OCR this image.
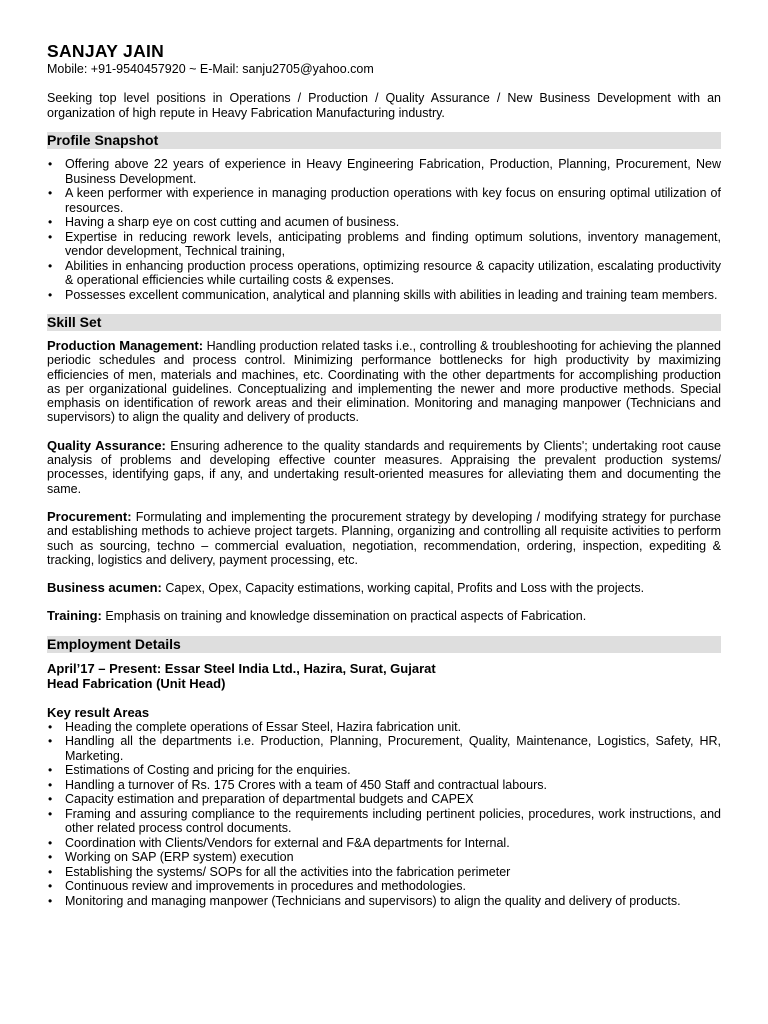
SANJAY JAIN

Mobile: +91-9540457920 ~ E-Mail: sanju2705@yahoo.com

Seeking top level positions in Operations / Production / Quality Assurance / New Business Development with an organization of high repute in Heavy Fabrication Manufacturing industry.

Profile Snapshot
• Offering above 22 years of experience in Heavy Engineering Fabrication, Production, Planning, Procurement, New Business Development.
• A keen performer with experience in managing production operations with key focus on ensuring optimal utilization of resources.
• Having a sharp eye on cost cutting and acumen of business.
• Expertise in reducing rework levels, anticipating problems and finding optimum solutions, inventory management, vendor development, Technical training,
• Abilities in enhancing production process operations, optimizing resource & capacity utilization, escalating productivity & operational efficiencies while curtailing costs & expenses.
• Possesses excellent communication, analytical and planning skills with abilities in leading and training team members.
Skill Set

Production Management: Handling production related tasks i.e., controlling & troubleshooting for achieving the planned periodic schedules and process control. Minimizing performance bottlenecks for high productivity by maximizing efficiencies of men, materials and machines, etc. Coordinating with the other departments for accomplishing production as per organizational guidelines. Conceptualizing and implementing the newer and more productive methods. Special emphasis on identification of rework areas and their elimination. Monitoring and managing manpower (Technicians and supervisors) to align the quality and delivery of products.

Quality Assurance: Ensuring adherence to the quality standards and requirements by Clients'; undertaking root cause analysis of problems and developing effective counter measures. Appraising the prevalent production systems/ processes, identifying gaps, if any, and undertaking result-oriented measures for alleviating them and documenting the same.

Procurement: Formulating and implementing the procurement strategy by developing / modifying strategy for purchase and establishing methods to achieve project targets. Planning, organizing and controlling all requisite activities to perform such as sourcing, techno – commercial evaluation, negotiation, recommendation, ordering, inspection, expediting & tracking, logistics and delivery, payment processing, etc.

Business acumen: Capex, Opex, Capacity estimations, working capital, Profits and Loss with the projects.

Training: Emphasis on training and knowledge dissemination on practical aspects of Fabrication.

Employment Details

April’17 – Present: Essar Steel India Ltd., Hazira, Surat, Gujarat

Head Fabrication (Unit Head)

Key result Areas

• Heading the complete operations of Essar Steel, Hazira fabrication unit.
• Handling all the departments i.e. Production, Planning, Procurement, Quality, Maintenance, Logistics, Safety, HR, Marketing.
• Estimations of Costing and pricing for the enquiries.
• Handling a turnover of Rs. 175 Crores with a team of 450 Staff and contractual labours.
• Capacity estimation and preparation of departmental budgets and CAPEX
• Framing and assuring compliance to the requirements including pertinent policies, procedures, work instructions, and other related process control documents.
• Coordination with Clients/Vendors for external and F&A departments for Internal.
• Working on SAP (ERP system) execution
• Establishing the systems/ SOPs for all the activities into the fabrication perimeter
• Continuous review and improvements in procedures and methodologies.
• Monitoring and managing manpower (Technicians and supervisors) to align the quality and delivery of products.
